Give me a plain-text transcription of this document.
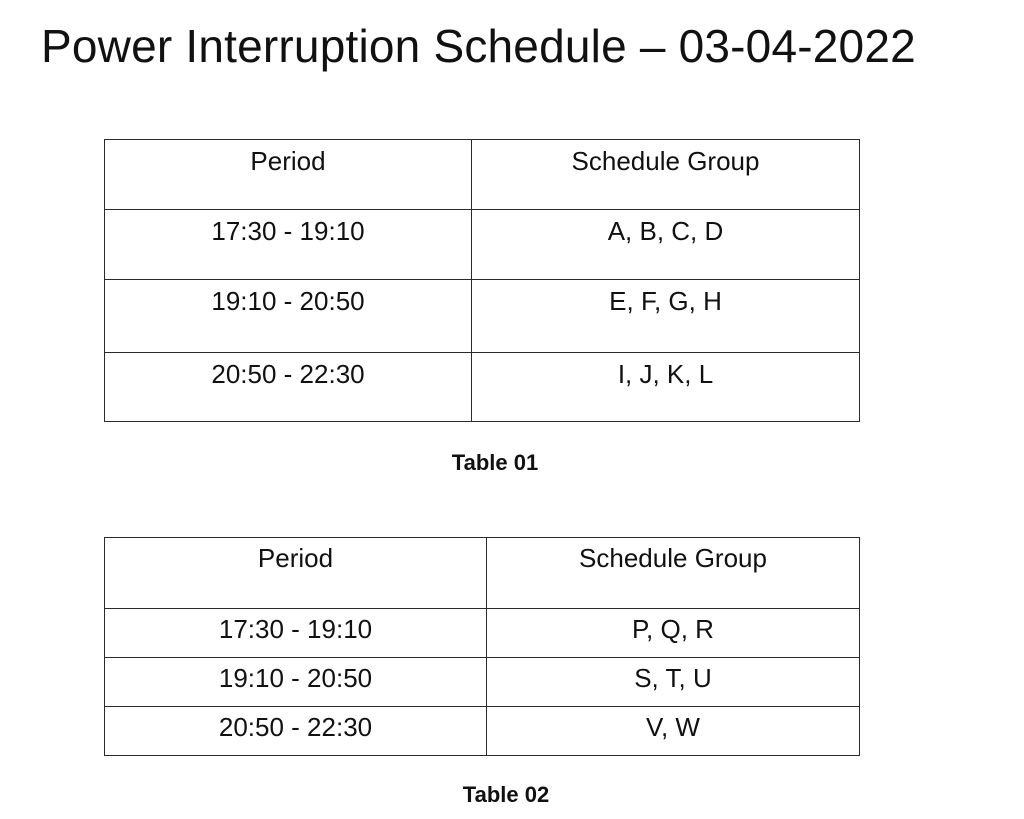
Power Interruption Schedule – 03-04-2022
Period	Schedule Group
17:30 - 19:10	A, B, C, D
19:10 - 20:50	E, F, G, H
20:50 - 22:30	I, J, K, L
Table 01
Period	Schedule Group
17:30 - 19:10	P, Q, R
19:10 - 20:50	S, T, U
20:50 - 22:30	V, W
Table 02
